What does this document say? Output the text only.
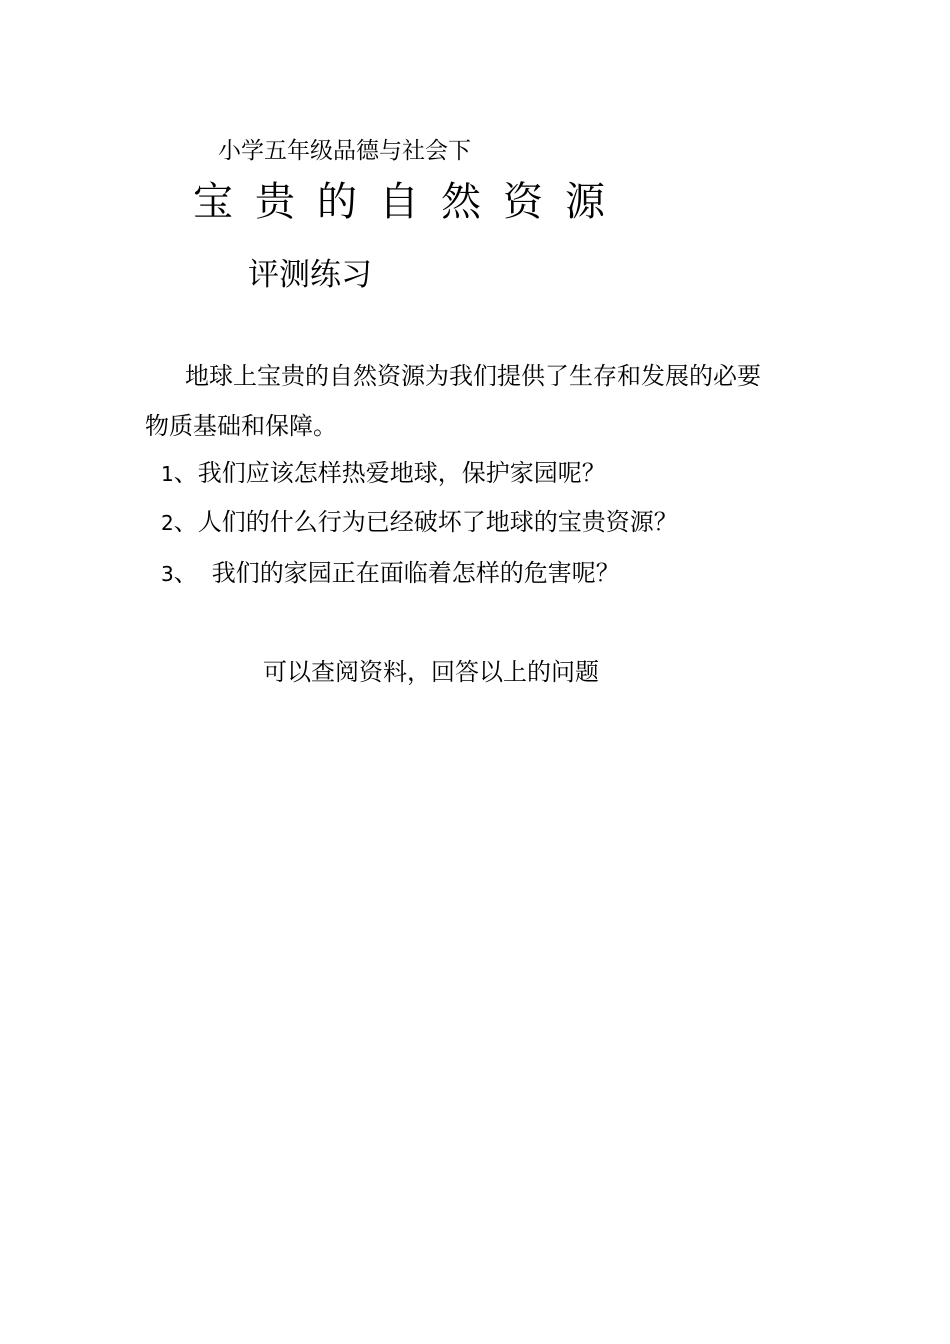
小学五年级品德与社会下
宝贵的自然资源
评测练习
地球上宝贵的自然资源为我们提供了生存和发展的必要
物质基础和保障。
1、我们应该怎样热爱地球，保护家园呢？
2、人们的什么行为已经破坏了地球的宝贵资源？
3、 我们的家园正在面临着怎样的危害呢？
可以查阅资料，回答以上的问题
